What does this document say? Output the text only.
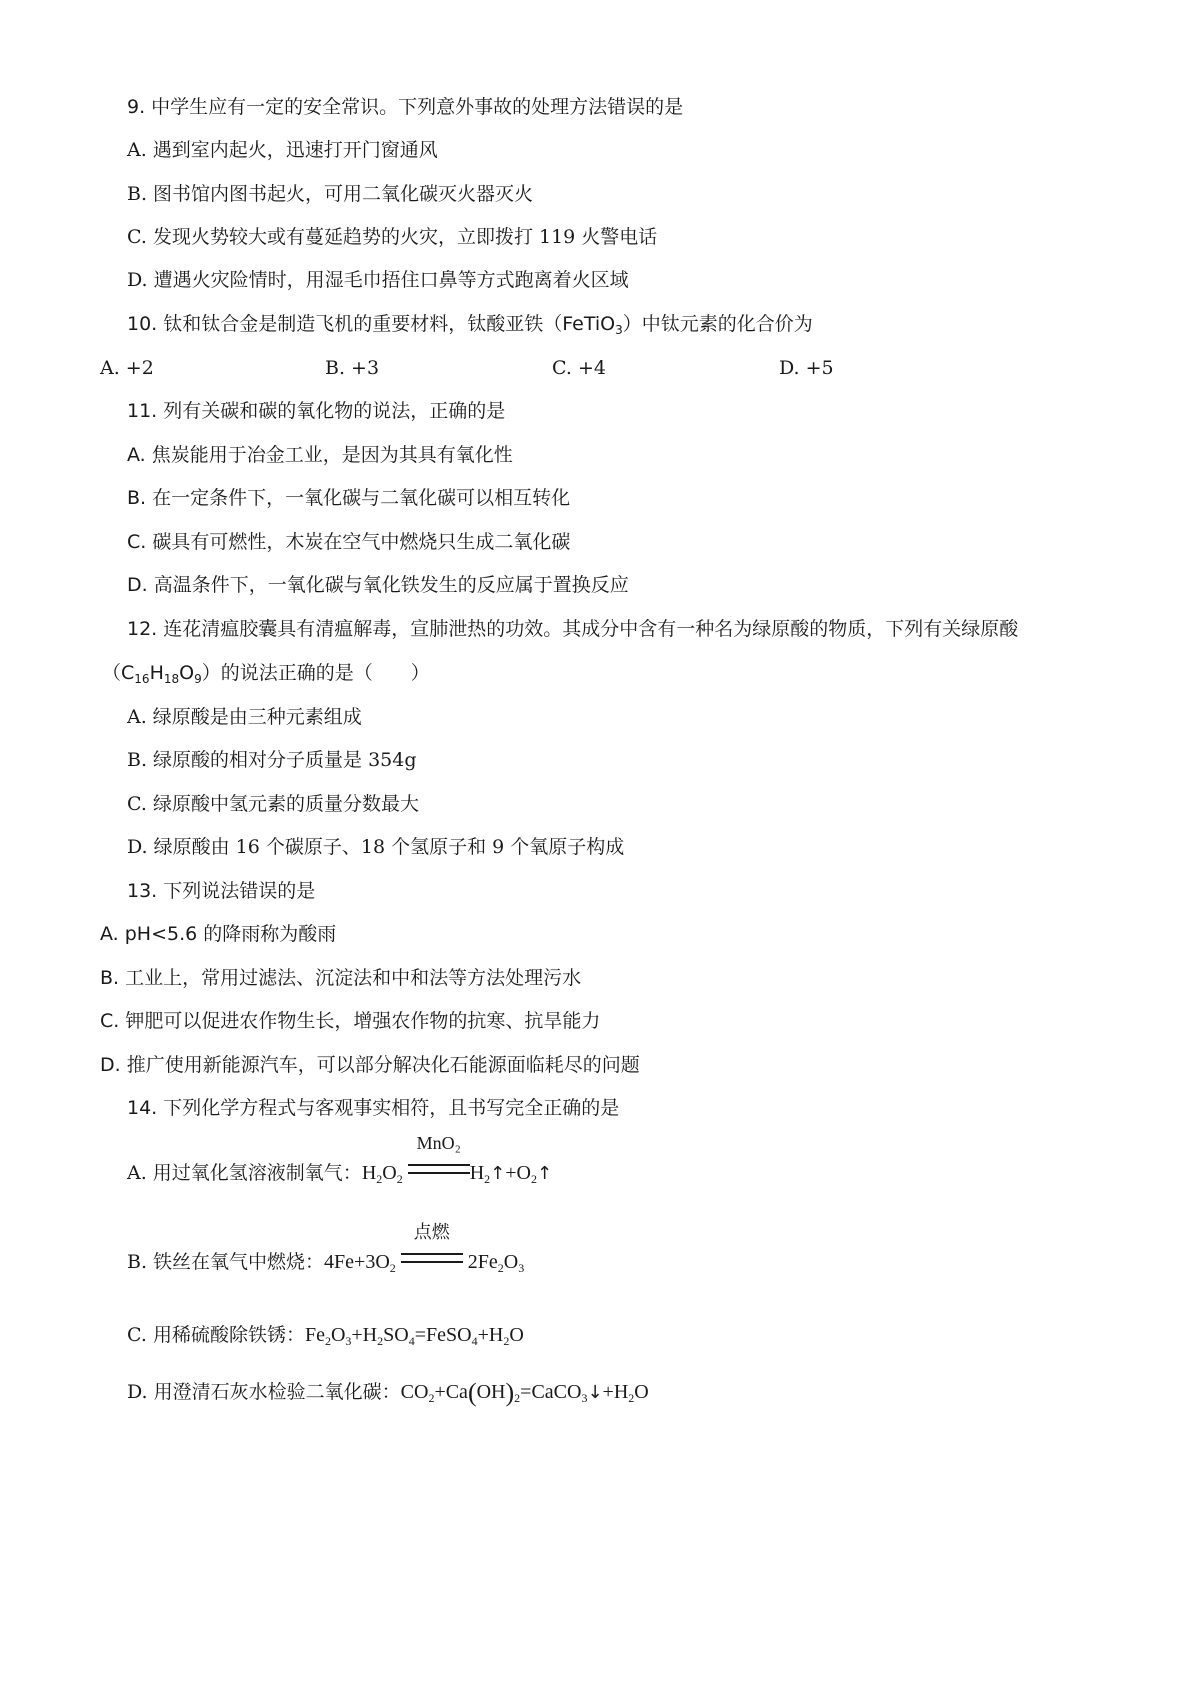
9. 中学生应有一定的安全常识。下列意外事故的处理方法错误的是
A. 遇到室内起火，迅速打开门窗通风
B. 图书馆内图书起火，可用二氧化碳灭火器灭火
C. 发现火势较大或有蔓延趋势的火灾，立即拨打 119 火警电话
D. 遭遇火灾险情时，用湿毛巾捂住口鼻等方式跑离着火区域
10. 钛和钛合金是制造飞机的重要材料，钛酸亚铁（FeTiO$_3$）中钛元素的化合价为
A. +2	B. +3	C. +4	D. +5
11. 列有关碳和碳的氧化物的说法，正确的是
A. 焦炭能用于冶金工业，是因为其具有氧化性
B. 在一定条件下，一氧化碳与二氧化碳可以相互转化
C. 碳具有可燃性，木炭在空气中燃烧只生成二氧化碳
D. 高温条件下，一氧化碳与氧化铁发生的反应属于置换反应
12. 连花清瘟胶囊具有清瘟解毒，宣肺泄热的功效。其成分中含有一种名为绿原酸的物质，下列有关绿原酸
$(C_{16}H_{18}O_9)$的说法正确的是（　　）
A. 绿原酸是由三种元素组成
B. 绿原酸的相对分子质量是 354g
C. 绿原酸中氢元素的质量分数最大
D. 绿原酸由 16 个碳原子、18 个氢原子和 9 个氧原子构成
13. 下列说法错误的是
A. pH<5.6 的降雨称为酸雨
B. 工业上，常用过滤法、沉淀法和中和法等方法处理污水
C. 钾肥可以促进农作物生长，增强农作物的抗寒、抗旱能力
D. 推广使用新能源汽车，可以部分解决化石能源面临耗尽的问题
14. 下列化学方程式与客观事实相符，且书写完全正确的是
A. 用过氧化氢溶液制氧气：$H_2O_2$
MnO₂
$H_2↑+O_2↑$
B. 铁丝在氧气中燃烧：$4Fe+3O_2$
点燃
$2Fe_2O_3$
C. 用稀硫酸除铁锈：$Fe_2O_3+H_2SO_4=FeSO_4+H_2O$
D. 用澄清石灰水检验二氧化碳：$CO_2+Ca(OH)_2=CaCO_3↓+H_2O$
